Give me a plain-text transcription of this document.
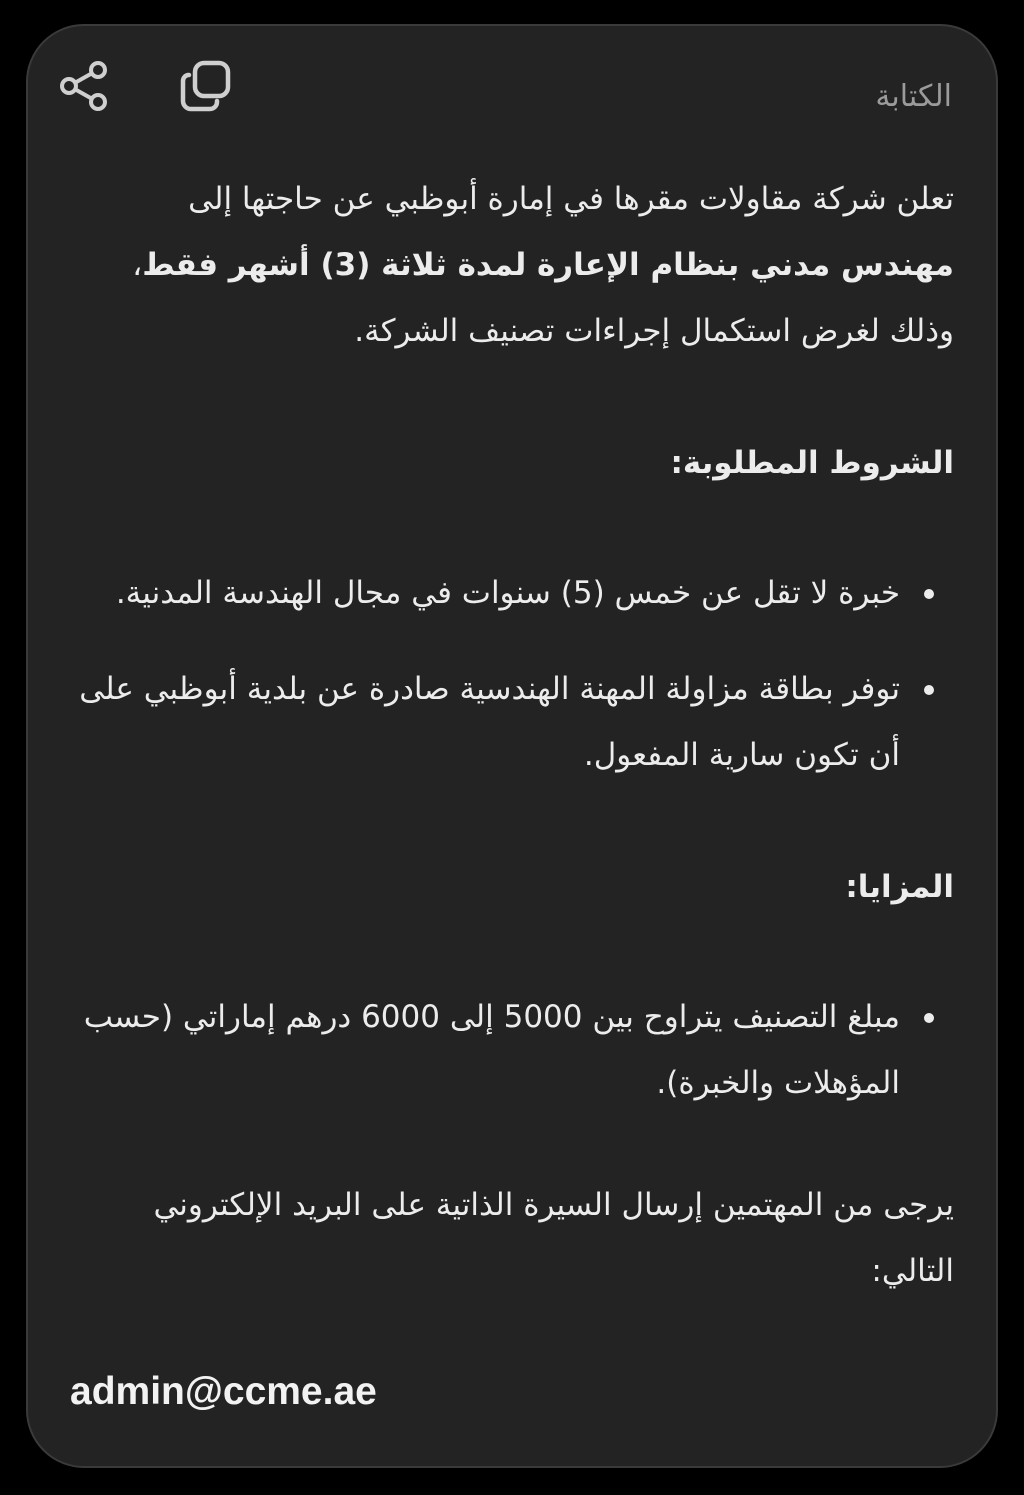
الكتابة

تعلن شركة مقاولات مقرها في إمارة أبوظبي عن حاجتها إلى مهندس مدني بنظام الإعارة لمدة ثلاثة (3) أشهر فقط، وذلك لغرض استكمال إجراءات تصنيف الشركة.

الشروط المطلوبة:

خبرة لا تقل عن خمس (5) سنوات في مجال الهندسة المدنية.
توفر بطاقة مزاولة المهنة الهندسية صادرة عن بلدية أبوظبي على أن تكون سارية المفعول.

المزايا:

مبلغ التصنيف يتراوح بين 5000 إلى 6000 درهم إماراتي (حسب المؤهلات والخبرة).

يرجى من المهتمين إرسال السيرة الذاتية على البريد الإلكتروني التالي:

admin@ccme.ae
